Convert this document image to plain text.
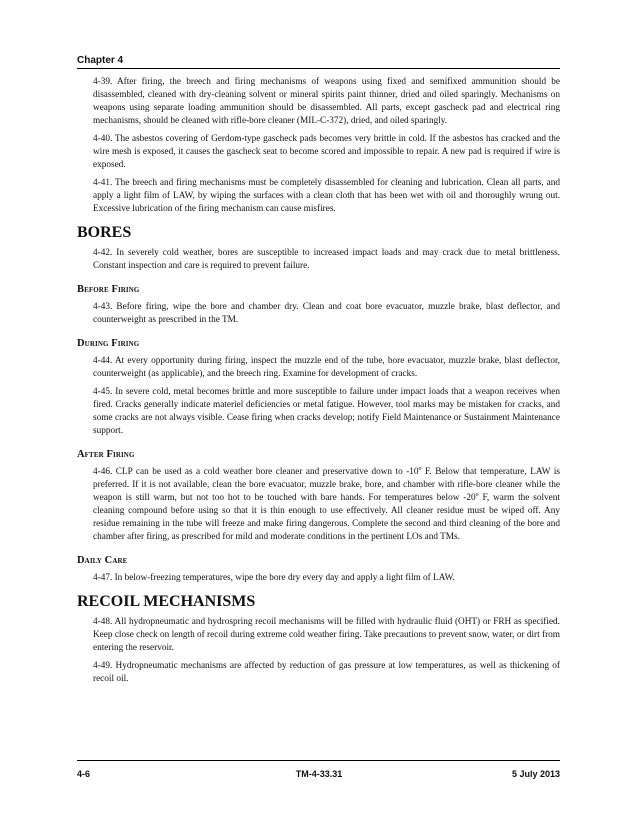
Chapter 4

4-39. After firing, the breech and firing mechanisms of weapons using fixed and semifixed ammunition should be disassembled, cleaned with dry-cleaning solvent or mineral spirits paint thinner, dried and oiled sparingly. Mechanisms on weapons using separate loading ammunition should be disassembled. All parts, except gascheck pad and electrical ring mechanisms, should be cleaned with rifle-bore cleaner (MIL-C-372), dried, and oiled sparingly.

4-40. The asbestos covering of Gerdom-type gascheck pads becomes very brittle in cold. If the asbestos has cracked and the wire mesh is exposed, it causes the gascheck seat to become scored and impossible to repair. A new pad is required if wire is exposed.

4-41. The breech and firing mechanisms must be completely disassembled for cleaning and lubrication. Clean all parts, and apply a light film of LAW, by wiping the surfaces with a clean cloth that has been wet with oil and thoroughly wrung out. Excessive lubrication of the firing mechanism can cause misfires.

BORES

4-42. In severely cold weather, bores are susceptible to increased impact loads and may crack due to metal brittleness. Constant inspection and care is required to prevent failure.

Before Firing

4-43. Before firing, wipe the bore and chamber dry. Clean and coat bore evacuator, muzzle brake, blast deflector, and counterweight as prescribed in the TM.

During Firing

4-44. At every opportunity during firing, inspect the muzzle end of the tube, bore evacuator, muzzle brake, blast deflector, counterweight (as applicable), and the breech ring. Examine for development of cracks.

4-45. In severe cold, metal becomes brittle and more susceptible to failure under impact loads that a weapon receives when fired. Cracks generally indicate materiel deficiencies or metal fatigue. However, tool marks may be mistaken for cracks, and some cracks are not always visible. Cease firing when cracks develop; notify Field Maintenance or Sustainment Maintenance support.

After Firing

4-46. CLP can be used as a cold weather bore cleaner and preservative down to -10$^o$ F. Below that temperature, LAW is preferred. If it is not available, clean the bore evacuator, muzzle brake, bore, and chamber with rifle-bore cleaner while the weapon is still warm, but not too hot to be touched with bare hands. For temperatures below -20$^o$ F, warm the solvent cleaning compound before using so that it is thin enough to use effectively. All cleaner residue must be wiped off. Any residue remaining in the tube will freeze and make firing dangerous. Complete the second and third cleaning of the bore and chamber after firing, as prescribed for mild and moderate conditions in the pertinent LOs and TMs.

Daily Care

4-47. In below-freezing temperatures, wipe the bore dry every day and apply a light film of LAW.

RECOIL MECHANISMS

4-48. All hydropneumatic and hydrospring recoil mechanisms will be filled with hydraulic fluid (OHT) or FRH as specified. Keep close check on length of recoil during extreme cold weather firing. Take precautions to prevent snow, water, or dirt from entering the reservoir.

4-49. Hydropneumatic mechanisms are affected by reduction of gas pressure at low temperatures, as well as thickening of recoil oil.

4-6	TM-4-33.31	5 July 2013
